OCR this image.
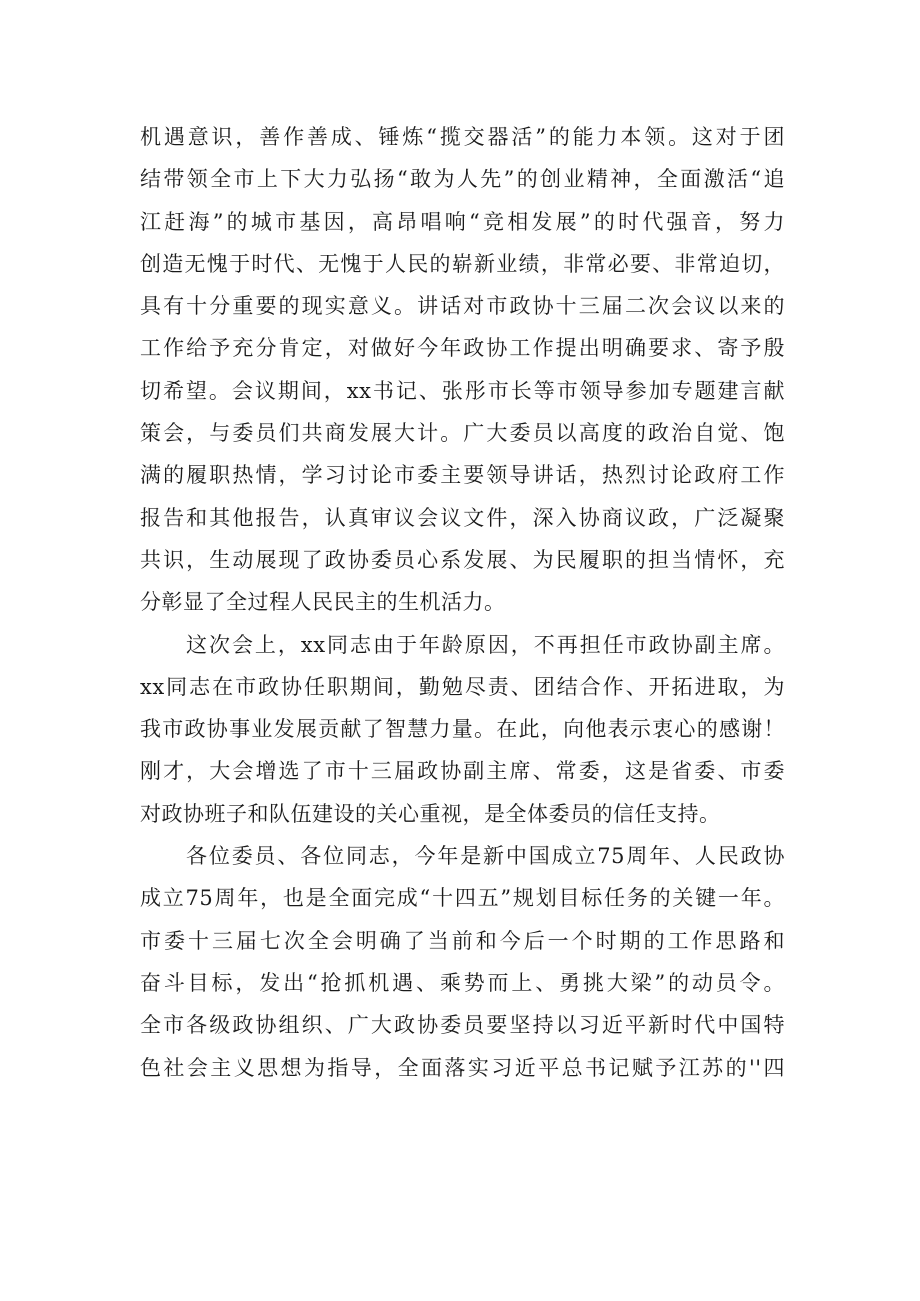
机遇意识，善作善成、锤炼“揽交器活”的能力本领。这对于团
结带领全市上下大力弘扬“敢为人先”的创业精神，全面激活“追
江赶海”的城市基因，高昂唱响“竞相发展”的时代强音，努力
创造无愧于时代、无愧于人民的崭新业绩，非常必要、非常迫切，
具有十分重要的现实意义。讲话对市政协十三届二次会议以来的
工作给予充分肯定，对做好今年政协工作提出明确要求、寄予殷
切希望。会议期间，xx书记、张彤市长等市领导参加专题建言献
策会，与委员们共商发展大计。广大委员以高度的政治自觉、饱
满的履职热情，学习讨论市委主要领导讲话，热烈讨论政府工作
报告和其他报告，认真审议会议文件，深入协商议政，广泛凝聚
共识，生动展现了政协委员心系发展、为民履职的担当情怀，充
分彰显了全过程人民民主的生机活力。
这次会上，xx同志由于年龄原因，不再担任市政协副主席。
xx同志在市政协任职期间，勤勉尽责、团结合作、开拓进取，为
我市政协事业发展贡献了智慧力量。在此，向他表示衷心的感谢！
刚才，大会增选了市十三届政协副主席、常委，这是省委、市委
对政协班子和队伍建设的关心重视，是全体委员的信任支持。
各位委员、各位同志，今年是新中国成立75周年、人民政协
成立75周年，也是全面完成“十四五”规划目标任务的关键一年。
市委十三届七次全会明确了当前和今后一个时期的工作思路和
奋斗目标，发出“抢抓机遇、乘势而上、勇挑大梁”的动员令。
全市各级政协组织、广大政协委员要坚持以习近平新时代中国特
色社会主义思想为指导，全面落实习近平总书记赋予江苏的''四
